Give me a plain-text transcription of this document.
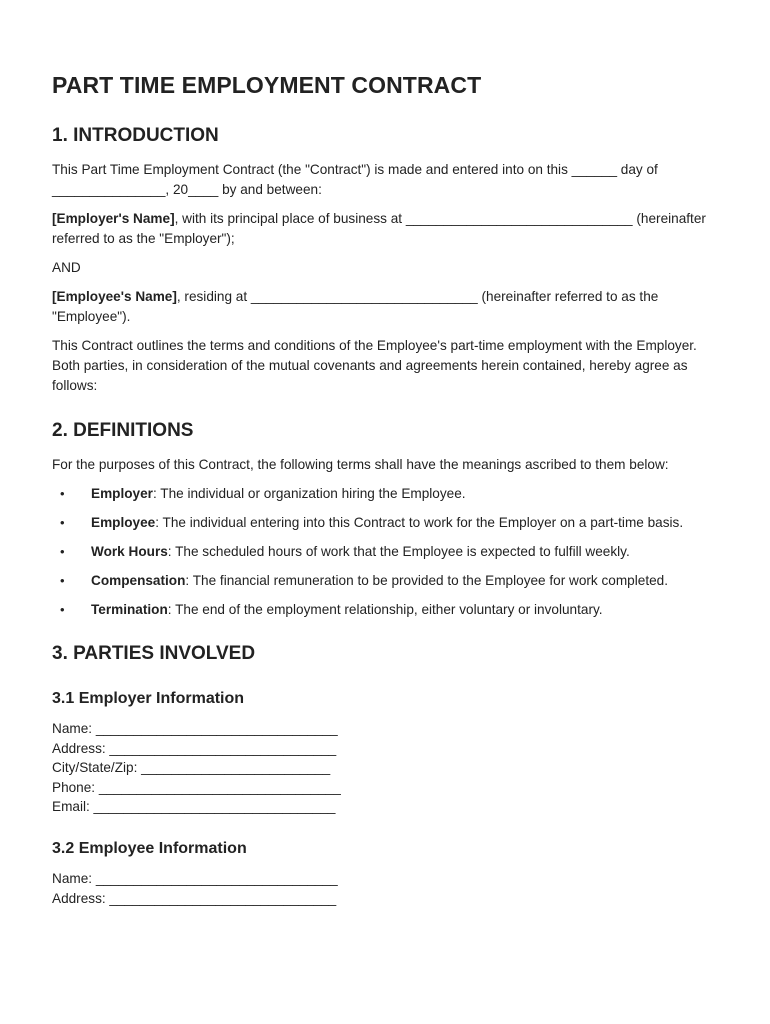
PART TIME EMPLOYMENT CONTRACT
1. INTRODUCTION

This Part Time Employment Contract (the "Contract") is made and entered into on this ______ day of _______________, 20____ by and between:

[Employer's Name], with its principal place of business at ______________________________ (hereinafter referred to as the "Employer");

AND

[Employee's Name], residing at ______________________________ (hereinafter referred to as the "Employee").

This Contract outlines the terms and conditions of the Employee's part-time employment with the Employer. Both parties, in consideration of the mutual covenants and agreements herein contained, hereby agree as follows:

2. DEFINITIONS

For the purposes of this Contract, the following terms shall have the meanings ascribed to them below:

• Employer: The individual or organization hiring the Employee.
• Employee: The individual entering into this Contract to work for the Employer on a part-time basis.
• Work Hours: The scheduled hours of work that the Employee is expected to fulfill weekly.
• Compensation: The financial remuneration to be provided to the Employee for work completed.
• Termination: The end of the employment relationship, either voluntary or involuntary.
3. PARTIES INVOLVED
3.1 Employer Information
Name: ________________________________
Address: ______________________________
City/State/Zip: _________________________
Phone: ________________________________
Email: ________________________________
3.2 Employee Information
Name: ________________________________
Address: ______________________________
